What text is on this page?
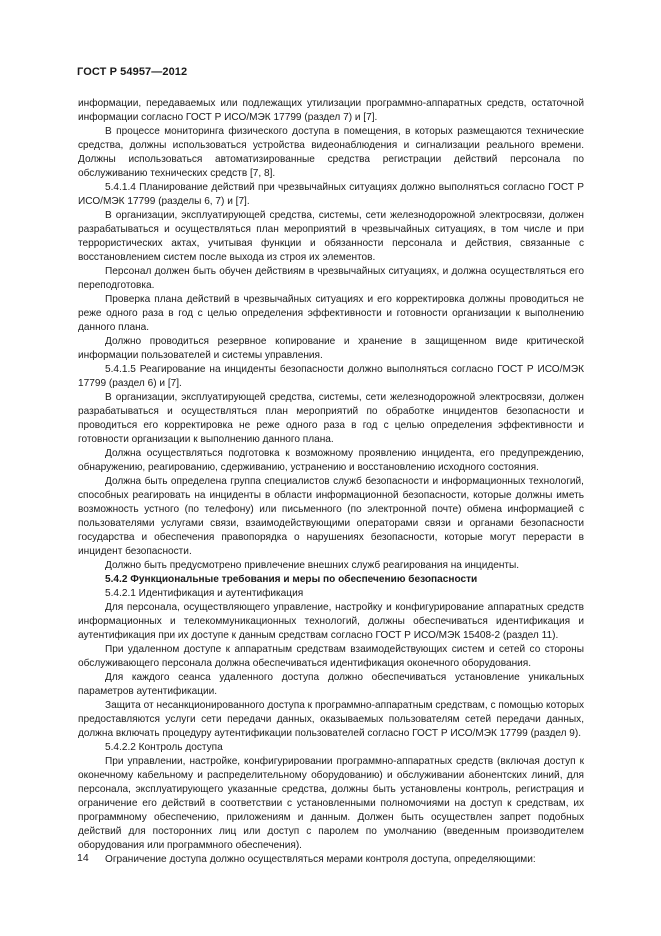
ГОСТ Р 54957—2012

информации, передаваемых или подлежащих утилизации программно-аппаратных средств, остаточной информации согласно ГОСТ Р ИСО/МЭК 17799 (раздел 7) и [7].

В процессе мониторинга физического доступа в помещения, в которых размещаются технические средства, должны использоваться устройства видеонаблюдения и сигнализации реального времени. Должны использоваться автоматизированные средства регистрации действий персонала по обслуживанию технических средств [7, 8].

5.4.1.4 Планирование действий при чрезвычайных ситуациях должно выполняться согласно ГОСТ Р ИСО/МЭК 17799 (разделы 6, 7) и [7].

В организации, эксплуатирующей средства, системы, сети железнодорожной электросвязи, должен разрабатываться и осуществляться план мероприятий в чрезвычайных ситуациях, в том числе и при террористических актах, учитывая функции и обязанности персонала и действия, связанные с восстановлением систем после выхода из строя их элементов.

Персонал должен быть обучен действиям в чрезвычайных ситуациях, и должна осуществляться его переподготовка.

Проверка плана действий в чрезвычайных ситуациях и его корректировка должны проводиться не реже одного раза в год с целью определения эффективности и готовности организации к выполнению данного плана.

Должно проводиться резервное копирование и хранение в защищенном виде критической информации пользователей и системы управления.

5.4.1.5 Реагирование на инциденты безопасности должно выполняться согласно ГОСТ Р ИСО/МЭК 17799 (раздел 6) и [7].

В организации, эксплуатирующей средства, системы, сети железнодорожной электросвязи, должен разрабатываться и осуществляться план мероприятий по обработке инцидентов безопасности и проводиться его корректировка не реже одного раза в год с целью определения эффективности и готовности организации к выполнению данного плана.

Должна осуществляться подготовка к возможному проявлению инцидента, его предупреждению, обнаружению, реагированию, сдерживанию, устранению и восстановлению исходного состояния.

Должна быть определена группа специалистов служб безопасности и информационных технологий, способных реагировать на инциденты в области информационной безопасности, которые должны иметь возможность устного (по телефону) или письменного (по электронной почте) обмена информацией с пользователями услугами связи, взаимодействующими операторами связи и органами безопасности государства и обеспечения правопорядка о нарушениях безопасности, которые могут перерасти в инцидент безопасности.

Должно быть предусмотрено привлечение внешних служб реагирования на инциденты.

5.4.2 Функциональные требования и меры по обеспечению безопасности

5.4.2.1 Идентификация и аутентификация

Для персонала, осуществляющего управление, настройку и конфигурирование аппаратных средств информационных и телекоммуникационных технологий, должны обеспечиваться идентификация и аутентификация при их доступе к данным средствам согласно ГОСТ Р ИСО/МЭК 15408-2 (раздел 11).

При удаленном доступе к аппаратным средствам взаимодействующих систем и сетей со стороны обслуживающего персонала должна обеспечиваться идентификация оконечного оборудования.

Для каждого сеанса удаленного доступа должно обеспечиваться установление уникальных параметров аутентификации.

Защита от несанкционированного доступа к программно-аппаратным средствам, с помощью которых предоставляются услуги сети передачи данных, оказываемых пользователям сетей передачи данных, должна включать процедуру аутентификации пользователей согласно ГОСТ Р ИСО/МЭК 17799 (раздел 9).

5.4.2.2 Контроль доступа

При управлении, настройке, конфигурировании программно-аппаратных средств (включая доступ к оконечному кабельному и распределительному оборудованию) и обслуживании абонентских линий, для персонала, эксплуатирующего указанные средства, должны быть установлены контроль, регистрация и ограничение его действий в соответствии с установленными полномочиями на доступ к средствам, их программному обеспечению, приложениям и данным. Должен быть осуществлен запрет подобных действий для посторонних лиц или доступ с паролем по умолчанию (введенным производителем оборудования или программного обеспечения).

Ограничение доступа должно осуществляться мерами контроля доступа, определяющими:

14
